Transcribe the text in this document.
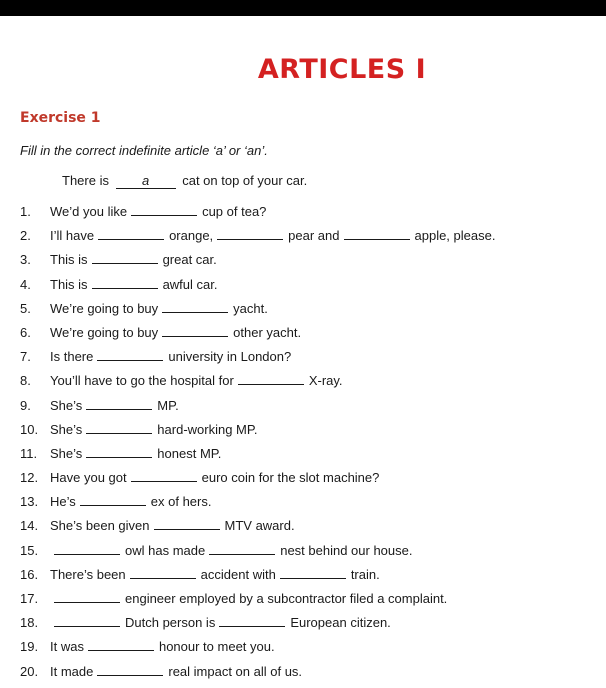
ARTICLES I
Exercise 1
Fill in the correct indefinite article ‘a’ or ‘an’.
There is	a	cat on top of your car.
1.	We’d you like	cup of tea?
2.	I’ll have	orange,	pear and	apple, please.
3.	This is	great car.
4.	This is	awful car.
5.	We’re going to buy	yacht.
6.	We’re going to buy	other yacht.
7.	Is there	university in London?
8.	You’ll have to go the hospital for	X-ray.
9.	She’s	MP.
10. She’s	hard-working MP.
11. She’s	honest MP.
12. Have you got	euro coin for the slot machine?
13. He’s	ex of hers.
14. She’s been given	MTV award.
15.	owl has made	nest behind our house.
16. There’s been	accident with	train.
17.	engineer employed by a subcontractor filed a complaint.
18.	Dutch person is	European citizen.
19. It was	honour to meet you.
20. It made	real impact on all of us.
